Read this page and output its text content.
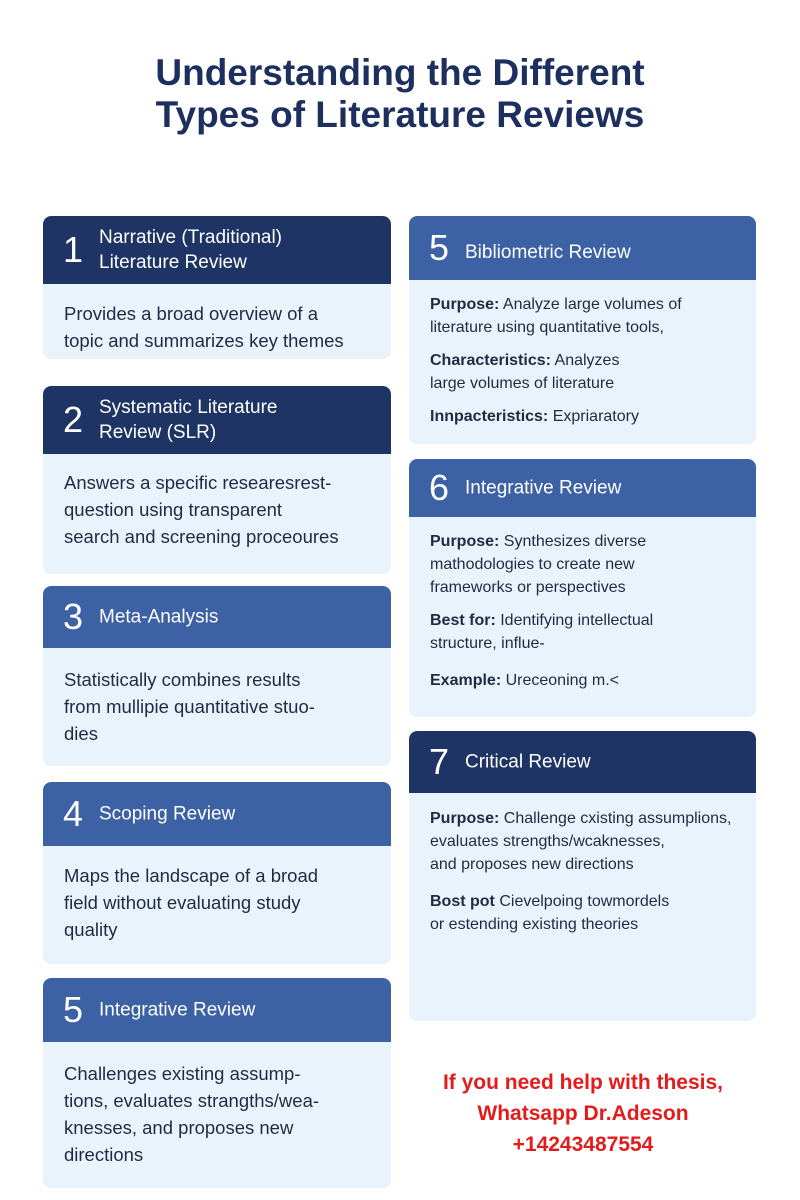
Understanding the Different
Types of Literature Reviews
1 Narrative (Traditional)
Literature Review
Provides a broad overview of a
topic and summarizes key themes
2 Systematic Literature
Review (SLR)
Answers a specific researesrest-
question using transparent
search and screening proceoures
3 Meta-Analysis
Statistically combines results
from mullipie quantitative stuo-
dies
4 Scoping Review
Maps the landscape of a broad
field without evaluating study
quality
5 Integrative Review
Challenges existing assump-
tions, evaluates strangths/wea-
knesses, and proposes new
directions
5 Bibliometric Review
Purpose: Analyze large volumes of
literature using quantitative tools,
Characteristics: Analyzes
large volumes of literature
Innpacteristics: Expriaratory
6 Integrative Review
Purpose: Synthesizes diverse
mathodologies to create new
frameworks or perspectives
Best for: Identifying intellectual
structure, influe-
Example: Ureceoning m.<
7 Critical Review
Purpose: Challenge cxisting assumplions,
evaluates strengths/wcaknesses,
and proposes new directions
Bost pot Cievelpoing towmordels
or estending existing theories
If you need help with thesis,
Whatsapp Dr.Adeson
+14243487554
